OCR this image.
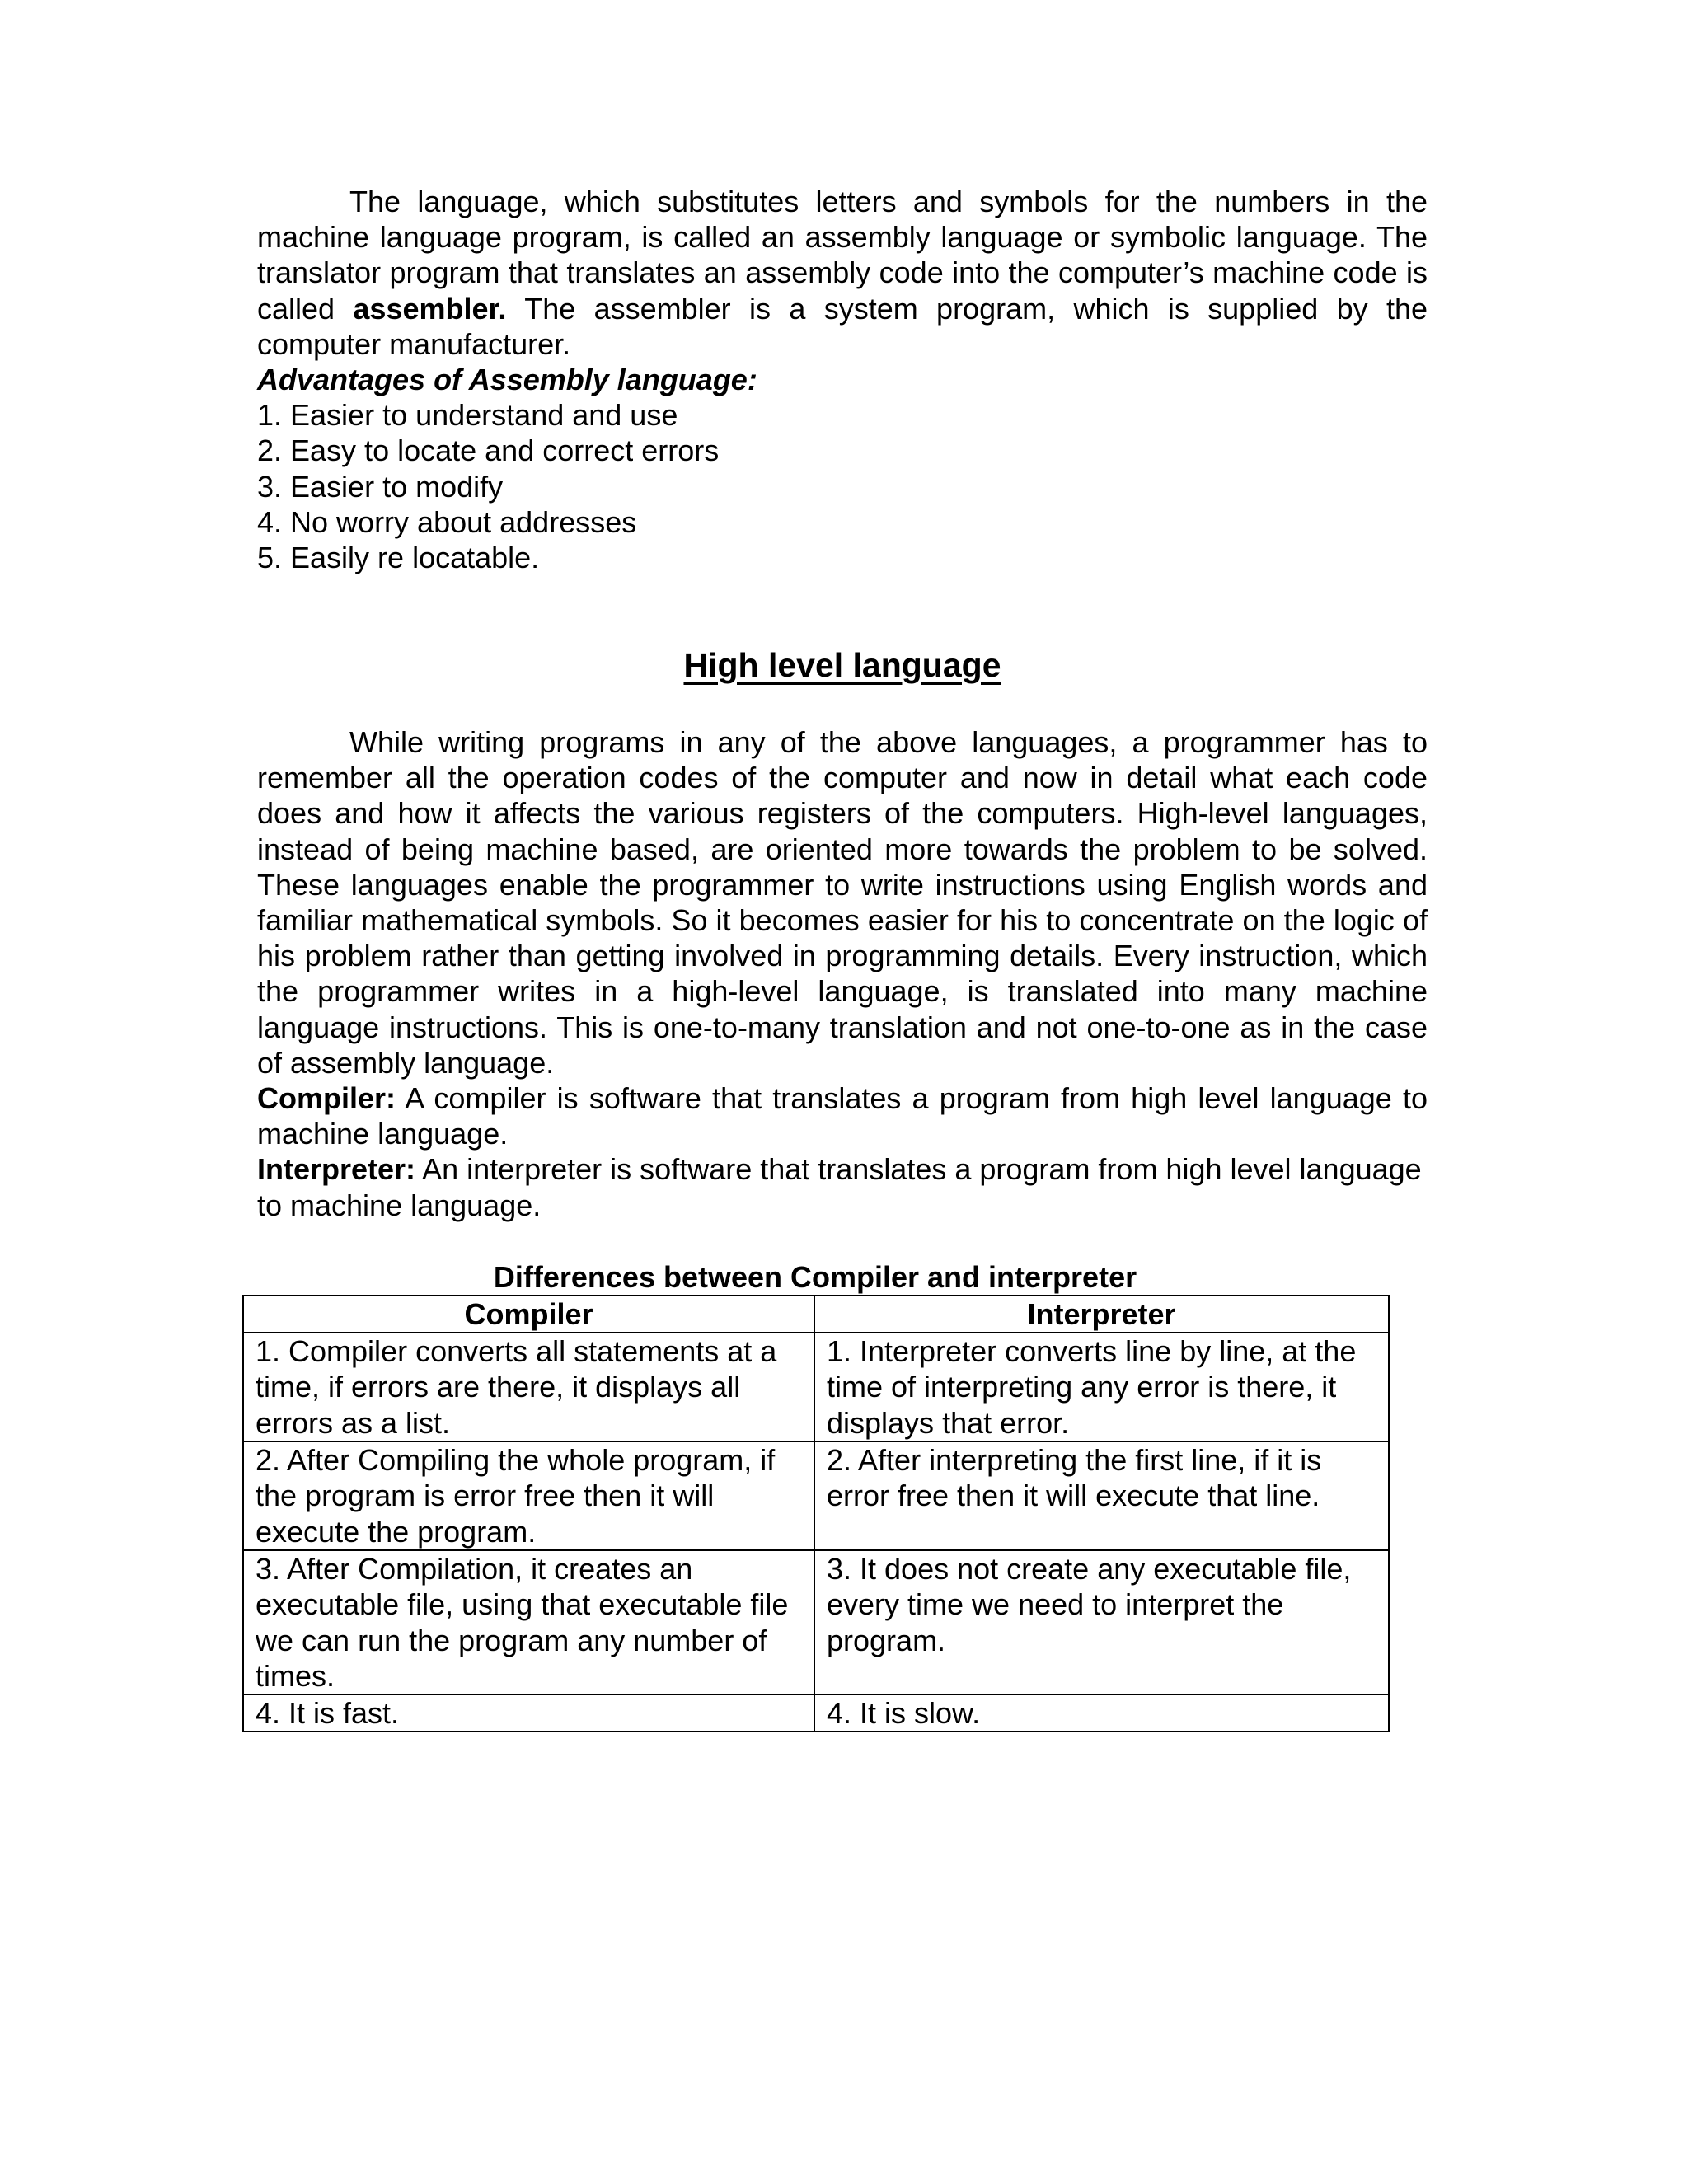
The language, which substitutes letters and symbols for the numbers in the machine language program, is called an assembly language or symbolic language. The translator program that translates an assembly code into the computer’s machine code is called assembler. The assembler is a system program, which is supplied by the computer manufacturer.

Advantages of Assembly language:

1. Easier to understand and use
2. Easy to locate and correct errors
3. Easier to modify
4. No worry about addresses
5. Easily re locatable.
High level language

While writing programs in any of the above languages, a programmer has to remember all the operation codes of the computer and now in detail what each code does and how it affects the various registers of the computers. High-level languages, instead of being machine based, are oriented more towards the problem to be solved. These languages enable the programmer to write instructions using English words and familiar mathematical symbols. So it becomes easier for his to concentrate on the logic of his problem rather than getting involved in programming details. Every instruction, which the programmer writes in a high-level language, is translated into many machine language instructions. This is one-to-many translation and not one-to-one as in the case of assembly language.

Compiler: A compiler is software that translates a program from high level language to machine language.

Interpreter: An interpreter is software that translates a program from high level language to machine language.

Differences between Compiler and interpreter

Compiler	Interpreter
1. Compiler converts all statements at a time, if errors are there, it displays all errors as a list.	1. Interpreter converts line by line, at the time of interpreting any error is there, it displays that error.
2. After Compiling the whole program, if the program is error free then it will execute the program.	2. After interpreting the first line, if it is error free then it will execute that line.
3. After Compilation, it creates an executable file, using that executable file we can run the program any number of times.	3. It does not create any executable file, every time we need to interpret the program.
4. It is fast.	4. It is slow.
